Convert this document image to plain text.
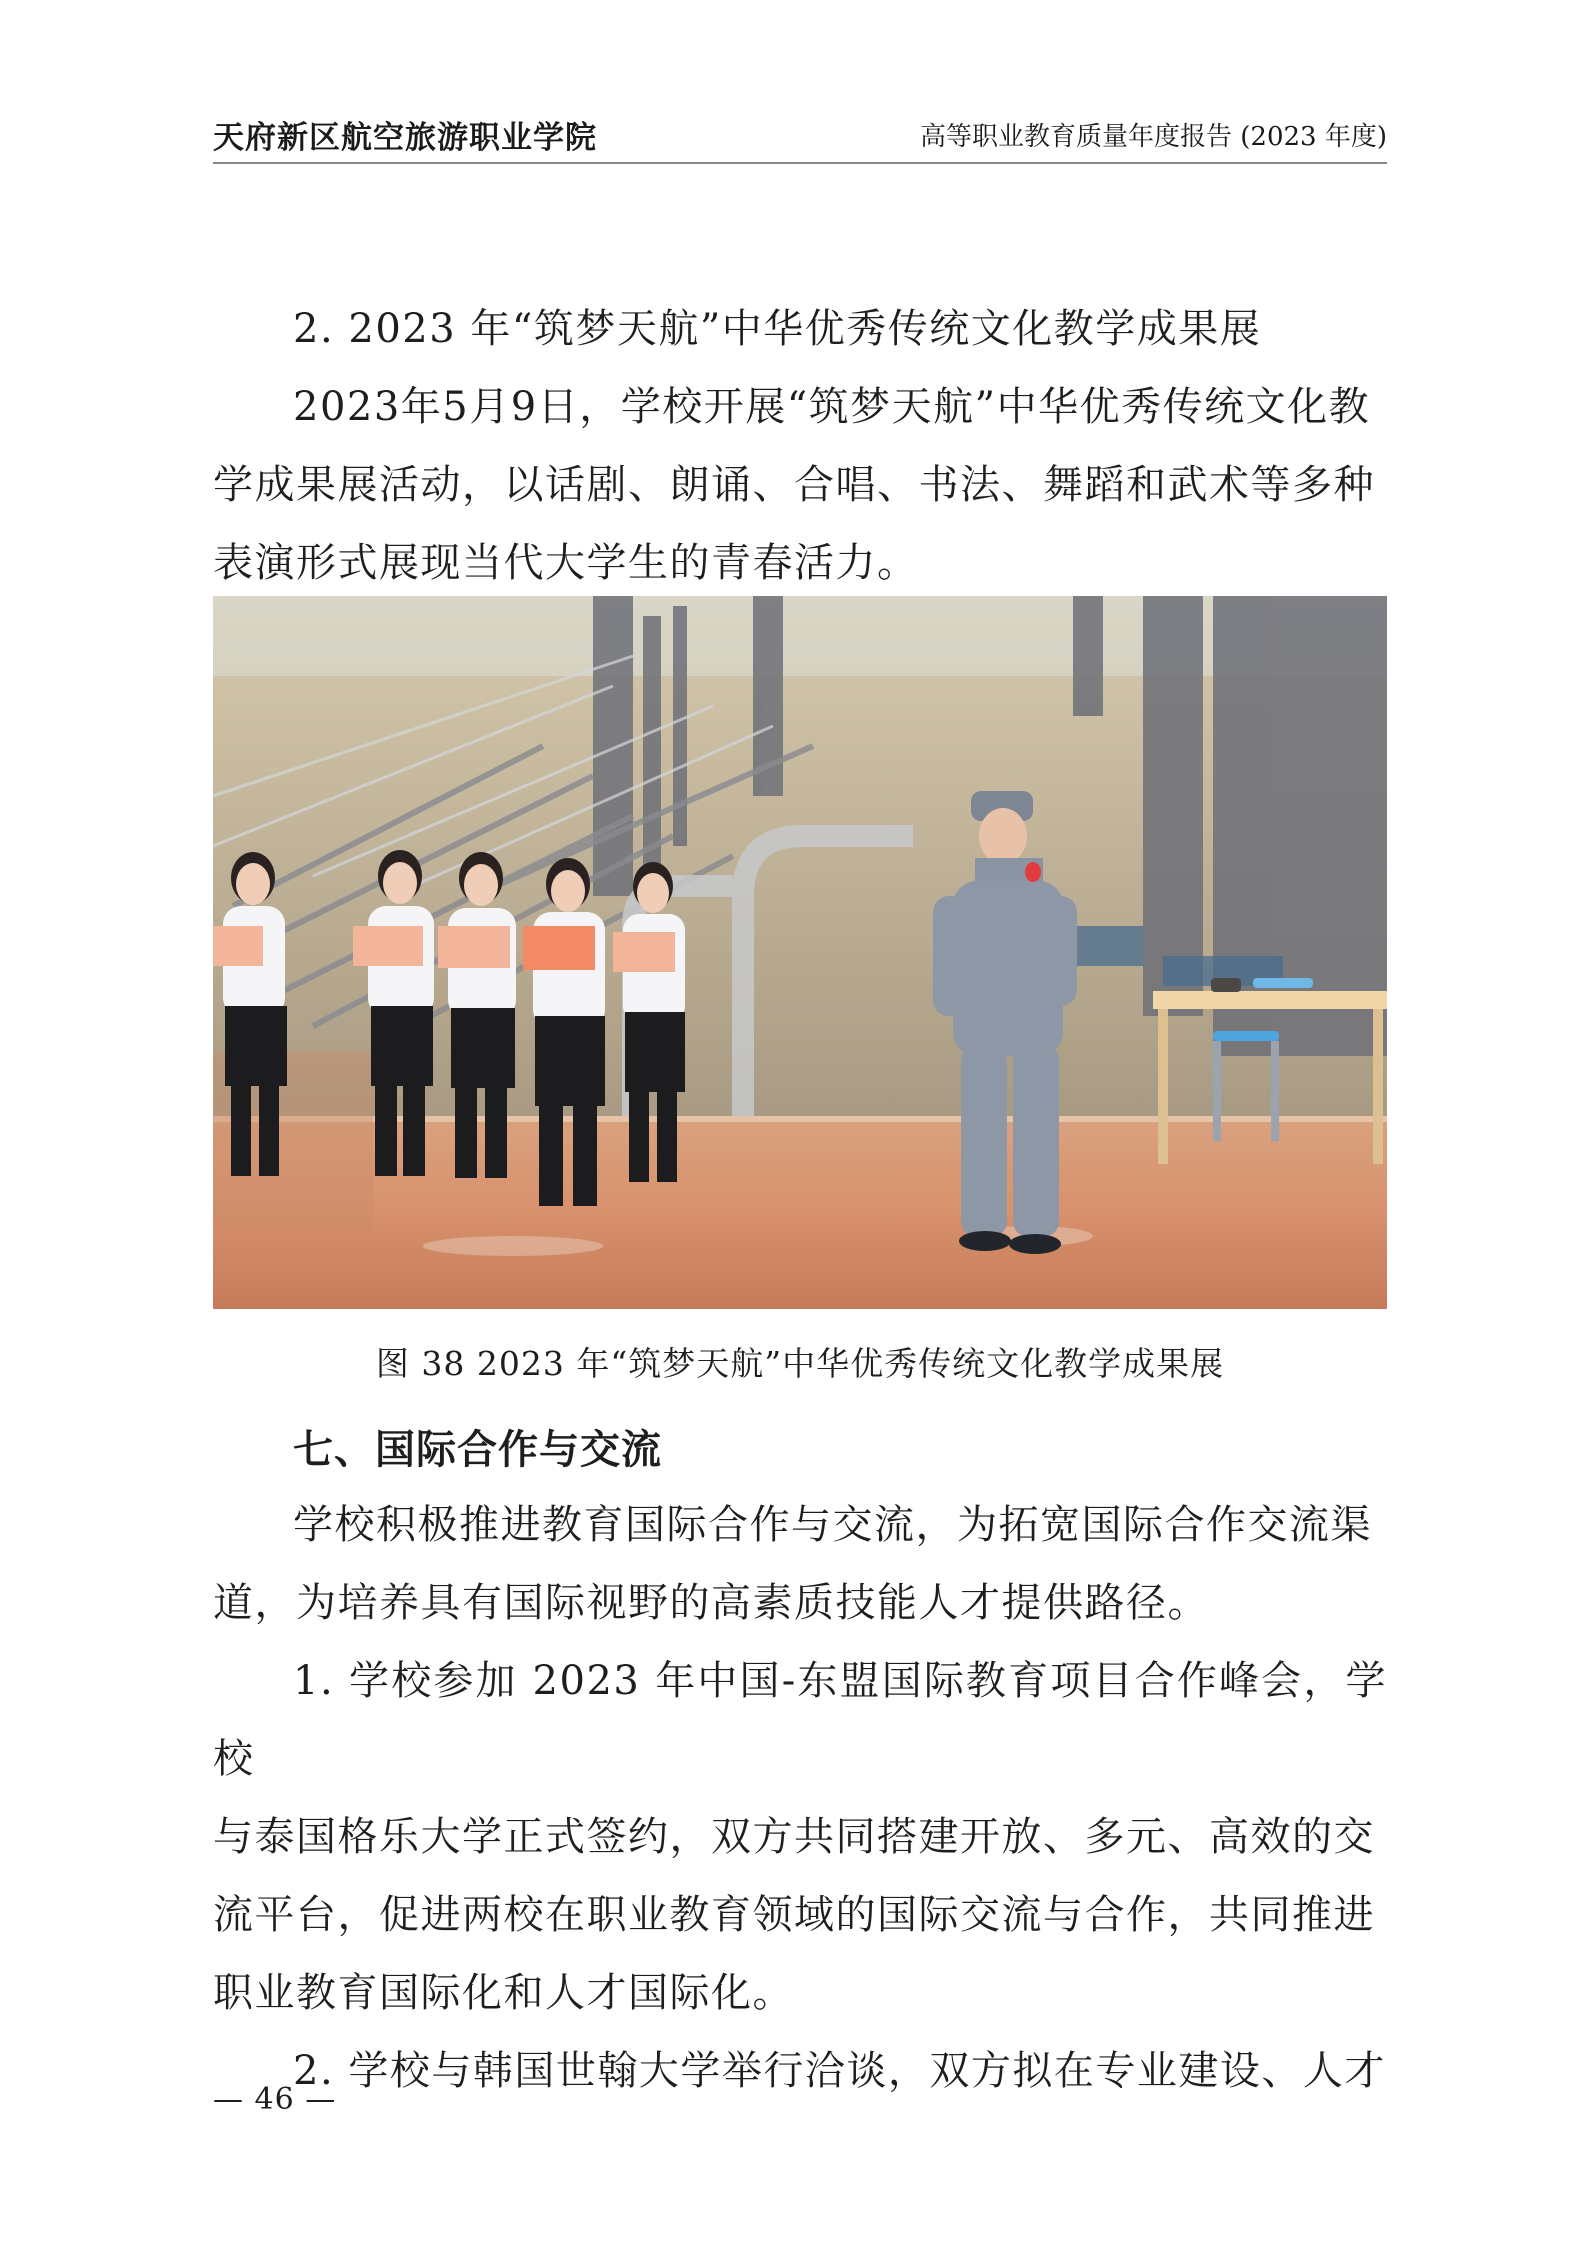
天府新区航空旅游职业学院	高等职业教育质量年度报告 (2023 年度)

2. 2023 年“筑梦天航”中华优秀传统文化教学成果展

2023年5月9日，学校开展“筑梦天航”中华优秀传统文化教

学成果展活动，以话剧、朗诵、合唱、书法、舞蹈和武术等多种

表演形式展现当代大学生的青春活力。

图 38 2023 年“筑梦天航”中华优秀传统文化教学成果展

七、国际合作与交流

学校积极推进教育国际合作与交流，为拓宽国际合作交流渠

道，为培养具有国际视野的高素质技能人才提供路径。

1. 学校参加 2023 年中国-东盟国际教育项目合作峰会，学校

与泰国格乐大学正式签约，双方共同搭建开放、多元、高效的交

流平台，促进两校在职业教育领域的国际交流与合作，共同推进

职业教育国际化和人才国际化。

2. 学校与韩国世翰大学举行洽谈，双方拟在专业建设、人才

— 46 —
